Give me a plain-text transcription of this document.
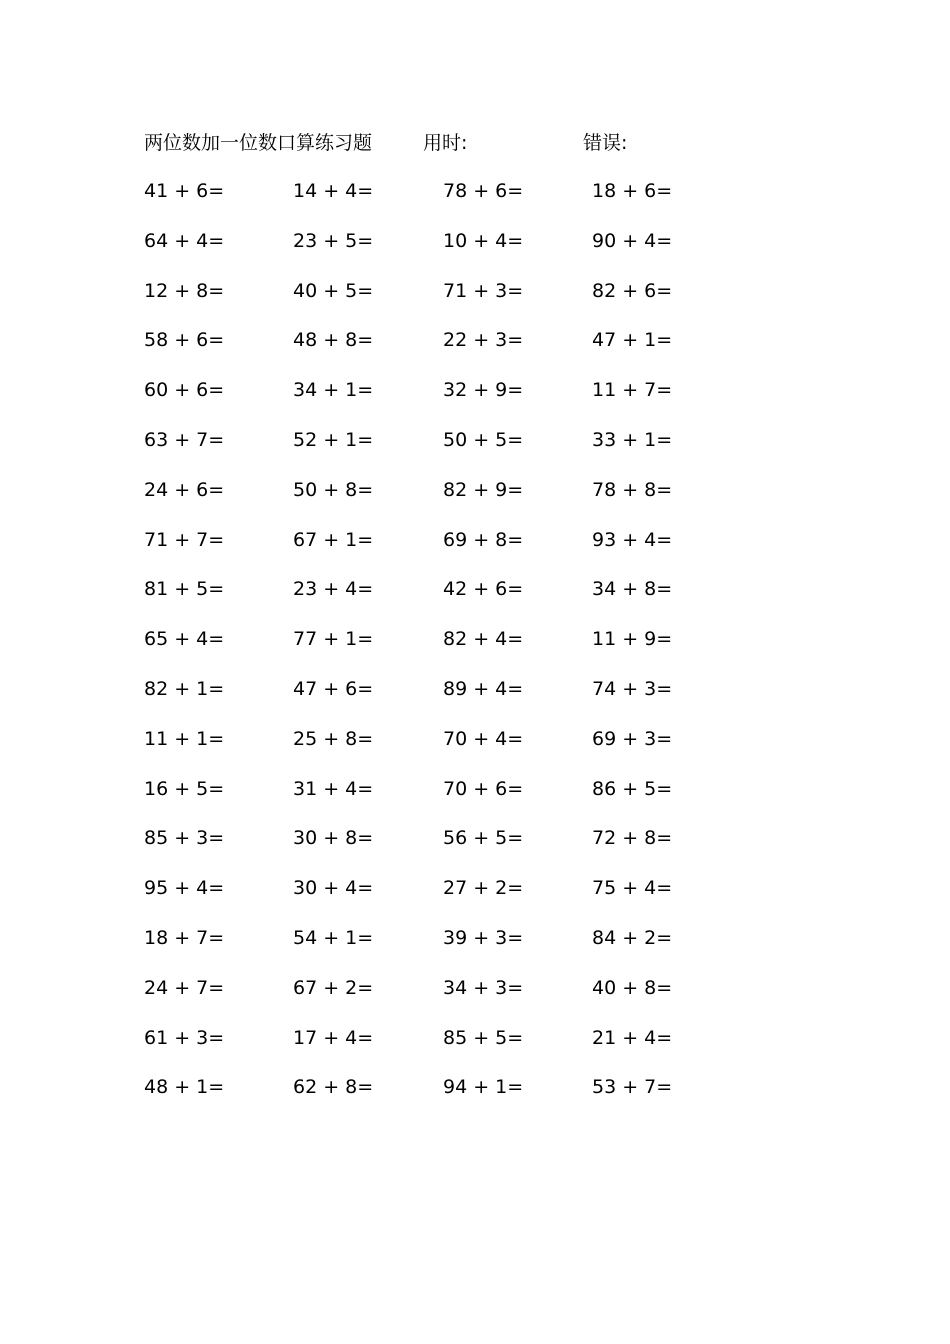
两位数加一位数口算练习题	用时:	错误:
41 + 6=	14 + 4=	78 + 6=	18 + 6=
64 + 4=	23 + 5=	10 + 4=	90 + 4=
12 + 8=	40 + 5=	71 + 3=	82 + 6=
58 + 6=	48 + 8=	22 + 3=	47 + 1=
60 + 6=	34 + 1=	32 + 9=	11 + 7=
63 + 7=	52 + 1=	50 + 5=	33 + 1=
24 + 6=	50 + 8=	82 + 9=	78 + 8=
71 + 7=	67 + 1=	69 + 8=	93 + 4=
81 + 5=	23 + 4=	42 + 6=	34 + 8=
65 + 4=	77 + 1=	82 + 4=	11 + 9=
82 + 1=	47 + 6=	89 + 4=	74 + 3=
11 + 1=	25 + 8=	70 + 4=	69 + 3=
16 + 5=	31 + 4=	70 + 6=	86 + 5=
85 + 3=	30 + 8=	56 + 5=	72 + 8=
95 + 4=	30 + 4=	27 + 2=	75 + 4=
18 + 7=	54 + 1=	39 + 3=	84 + 2=
24 + 7=	67 + 2=	34 + 3=	40 + 8=
61 + 3=	17 + 4=	85 + 5=	21 + 4=
48 + 1=	62 + 8=	94 + 1=	53 + 7=
